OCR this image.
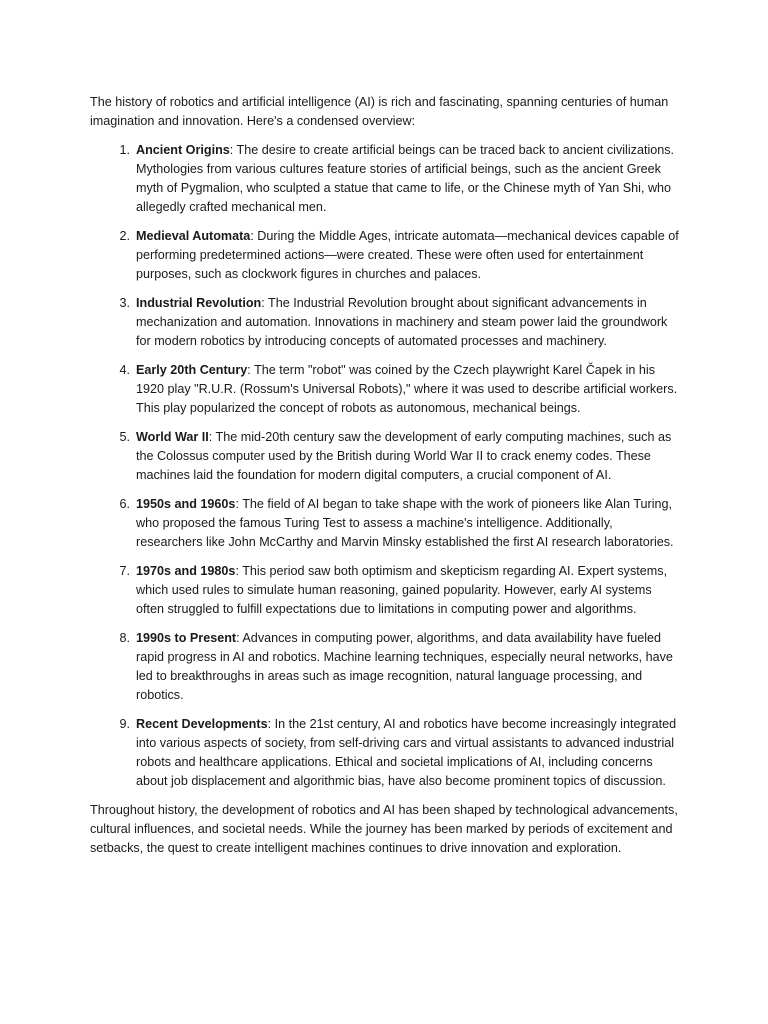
The history of robotics and artificial intelligence (AI) is rich and fascinating, spanning centuries of human imagination and innovation. Here's a condensed overview:

1. Ancient Origins: The desire to create artificial beings can be traced back to ancient civilizations. Mythologies from various cultures feature stories of artificial beings, such as the ancient Greek myth of Pygmalion, who sculpted a statue that came to life, or the Chinese myth of Yan Shi, who allegedly crafted mechanical men.
2. Medieval Automata: During the Middle Ages, intricate automata—mechanical devices capable of performing predetermined actions—were created. These were often used for entertainment purposes, such as clockwork figures in churches and palaces.
3. Industrial Revolution: The Industrial Revolution brought about significant advancements in mechanization and automation. Innovations in machinery and steam power laid the groundwork for modern robotics by introducing concepts of automated processes and machinery.
4. Early 20th Century: The term "robot" was coined by the Czech playwright Karel Čapek in his 1920 play "R.U.R. (Rossum's Universal Robots)," where it was used to describe artificial workers. This play popularized the concept of robots as autonomous, mechanical beings.
5. World War II: The mid-20th century saw the development of early computing machines, such as the Colossus computer used by the British during World War II to crack enemy codes. These machines laid the foundation for modern digital computers, a crucial component of AI.
6. 1950s and 1960s: The field of AI began to take shape with the work of pioneers like Alan Turing, who proposed the famous Turing Test to assess a machine's intelligence. Additionally, researchers like John McCarthy and Marvin Minsky established the first AI research laboratories.
7. 1970s and 1980s: This period saw both optimism and skepticism regarding AI. Expert systems, which used rules to simulate human reasoning, gained popularity. However, early AI systems often struggled to fulfill expectations due to limitations in computing power and algorithms.
8. 1990s to Present: Advances in computing power, algorithms, and data availability have fueled rapid progress in AI and robotics. Machine learning techniques, especially neural networks, have led to breakthroughs in areas such as image recognition, natural language processing, and robotics.
9. Recent Developments: In the 21st century, AI and robotics have become increasingly integrated into various aspects of society, from self-driving cars and virtual assistants to advanced industrial robots and healthcare applications. Ethical and societal implications of AI, including concerns about job displacement and algorithmic bias, have also become prominent topics of discussion.

Throughout history, the development of robotics and AI has been shaped by technological advancements, cultural influences, and societal needs. While the journey has been marked by periods of excitement and setbacks, the quest to create intelligent machines continues to drive innovation and exploration.
